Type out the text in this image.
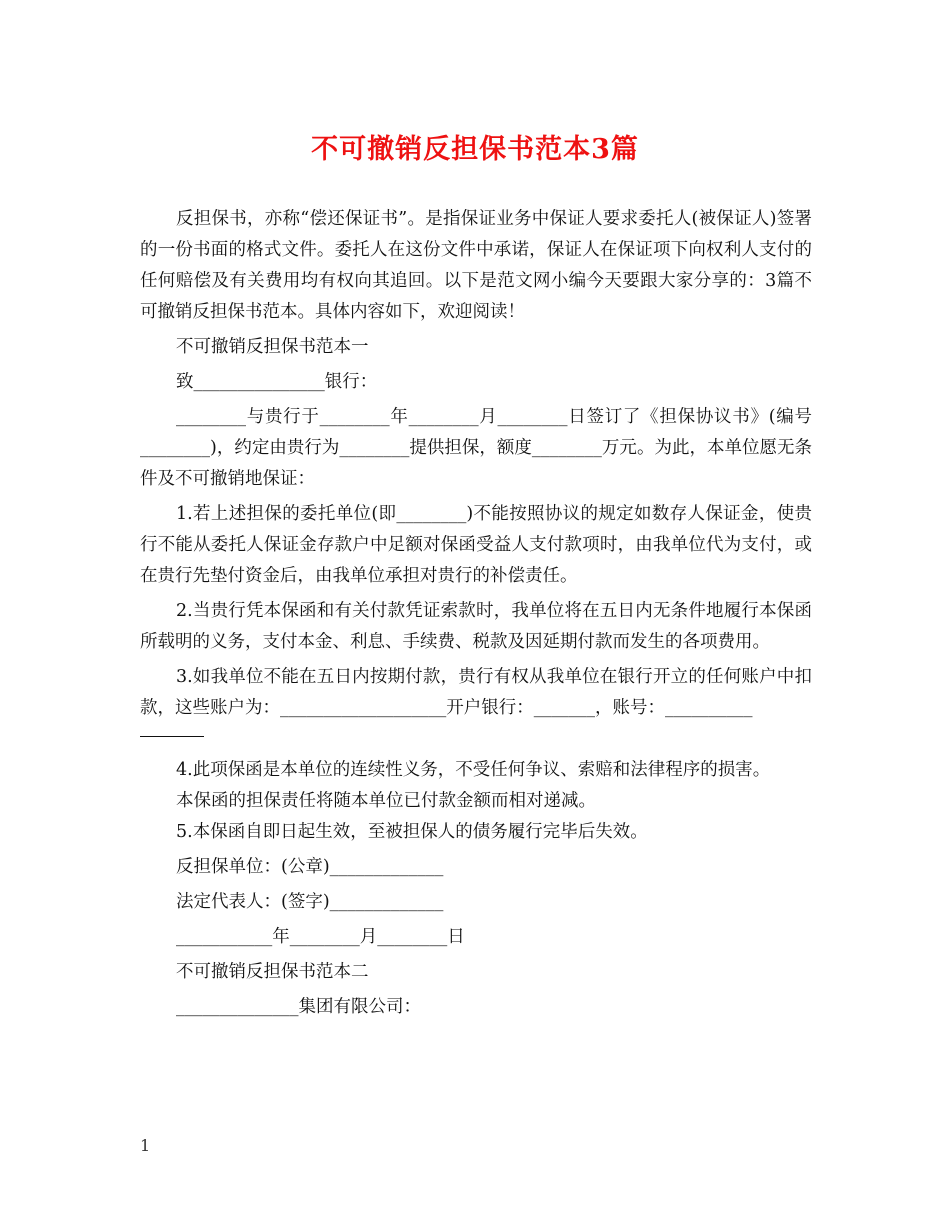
不可撤销反担保书范本3篇

反担保书，亦称“偿还保证书”。是指保证业务中保证人要求委托人(被保证人)签署的一份书面的格式文件。委托人在这份文件中承诺，保证人在保证项下向权利人支付的任何赔偿及有关费用均有权向其追回。以下是范文网小编今天要跟大家分享的：3篇不可撤销反担保书范本。具体内容如下，欢迎阅读！

不可撤销反担保书范本一

致_______________银行：

________与贵行于________年________月________日签订了《担保协议书》(编号________)，约定由贵行为________提供担保，额度________万元。为此，本单位愿无条件及不可撤销地保证：

1.若上述担保的委托单位(即________)不能按照协议的规定如数存人保证金，使贵行不能从委托人保证金存款户中足额对保函受益人支付款项时，由我单位代为支付，或在贵行先垫付资金后，由我单位承担对贵行的补偿责任。

2.当贵行凭本保函和有关付款凭证索款时，我单位将在五日内无条件地履行本保函所载明的义务，支付本金、利息、手续费、税款及因延期付款而发生的各项费用。

3.如我单位不能在五日内按期付款，贵行有权从我单位在银行开立的任何账户中扣款，这些账户为：___________________开户银行：_______，账号：__________

4.此项保函是本单位的连续性义务，不受任何争议、索赔和法律程序的损害。

本保函的担保责任将随本单位已付款金额而相对递减。

5.本保函自即日起生效，至被担保人的债务履行完毕后失效。

反担保单位：(公章)_____________

法定代表人：(签字)_____________

___________年________月________日

不可撤销反担保书范本二

______________集团有限公司：

1
